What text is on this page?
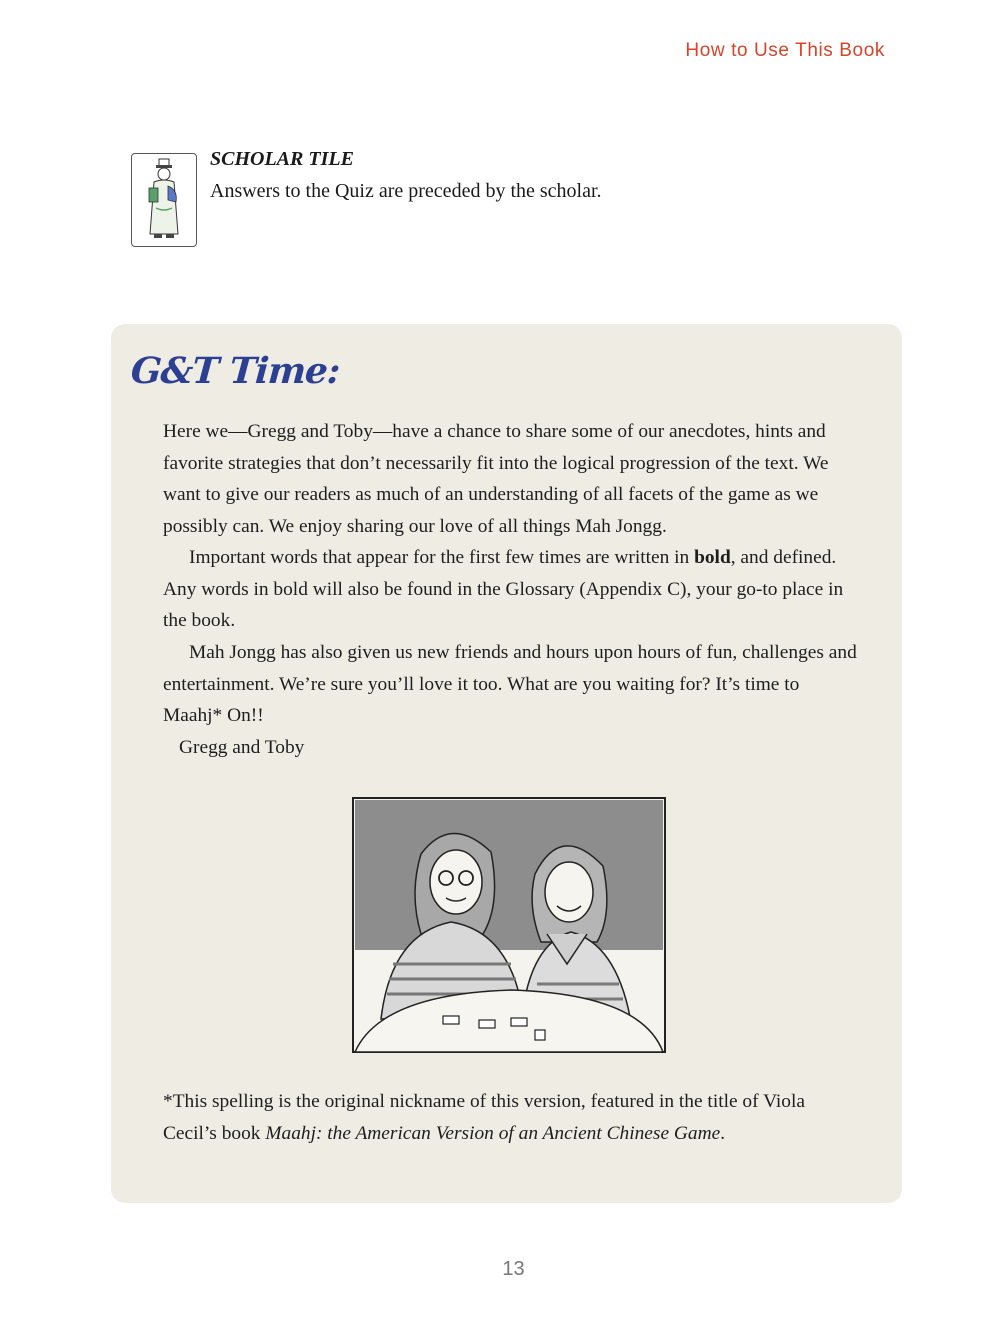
How to Use This Book
SCHOLAR TILE
Answers to the Quiz are preceded by the scholar.
G&T Time:
Here we—Gregg and Toby—have a chance to share some of our anecdotes, hints and favorite strategies that don’t necessarily fit into the logical progression of the text. We want to give our readers as much of an understanding of all facets of the game as we possibly can. We enjoy sharing our love of all things Mah Jongg.
Important words that appear for the first few times are written in bold, and defined. Any words in bold will also be found in the Glossary (Appendix C), your go-to place in the book.
Mah Jongg has also given us new friends and hours upon hours of fun, challenges and entertainment. We’re sure you’ll love it too. What are you waiting for? It’s time to Maahj* On!!
Gregg and Toby
*This spelling is the original nickname of this version, featured in the title of Viola Cecil’s book Maahj: the American Version of an Ancient Chinese Game.
13
